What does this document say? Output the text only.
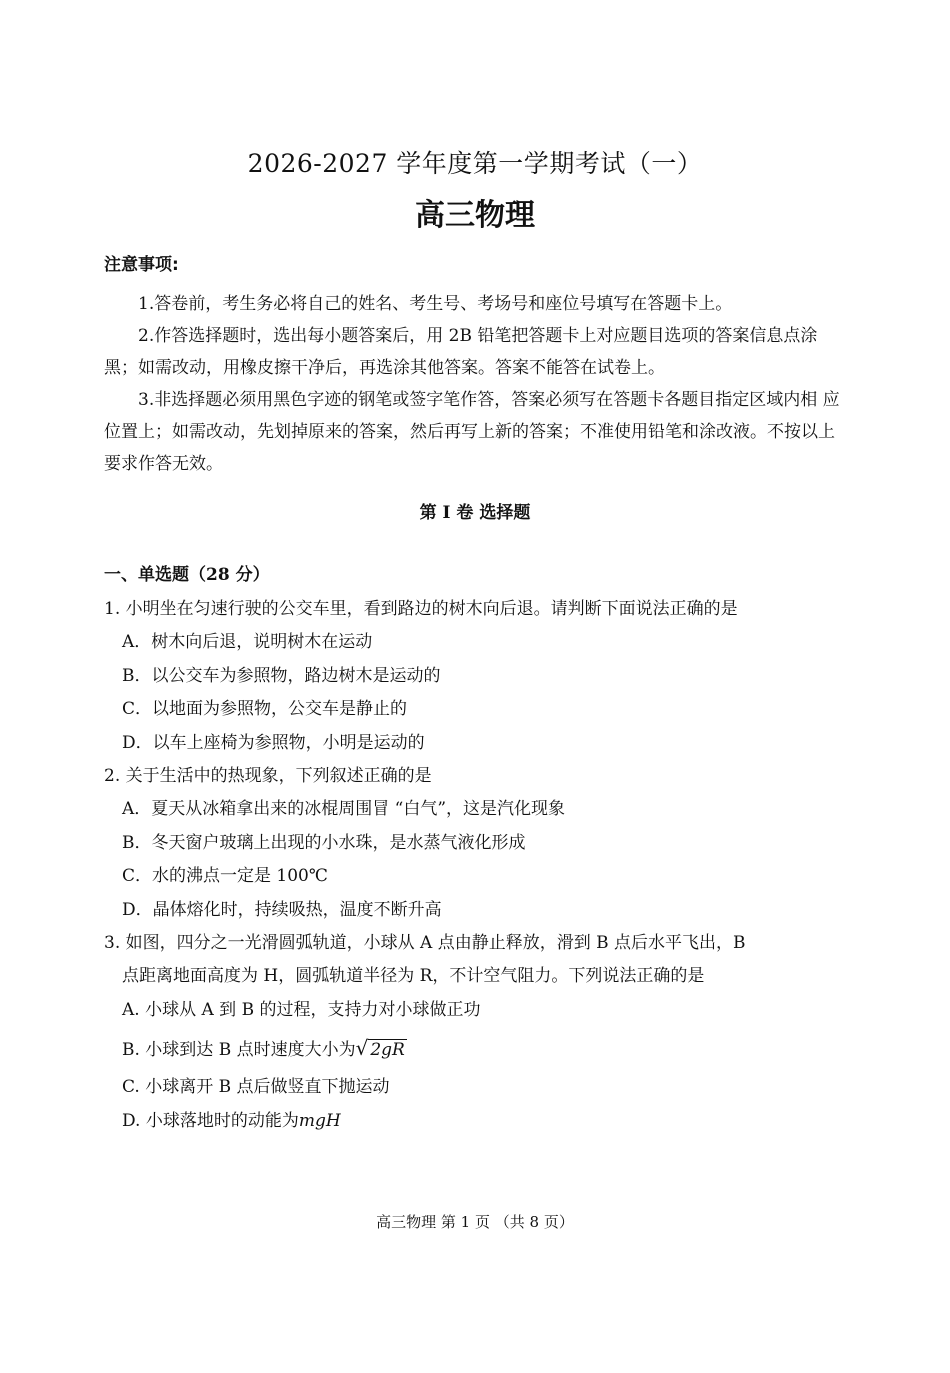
2026-2027 学年度第一学期考试（一）
高三物理
注意事项:

1.答卷前，考生务必将自己的姓名、考生号、考场号和座位号填写在答题卡上。

2.作答选择题时，选出每小题答案后，用 2B 铅笔把答题卡上对应题目选项的答案信息点涂黑；如需改动，用橡皮擦干净后，再选涂其他答案。答案不能答在试卷上。

3.非选择题必须用黑色字迹的钢笔或签字笔作答，答案必须写在答题卡各题目指定区域内相 应位置上；如需改动，先划掉原来的答案，然后再写上新的答案；不准使用铅笔和涂改液。不按以上要求作答无效。

第 I 卷 选择题
一、单选题（28 分）

1. 小明坐在匀速行驶的公交车里，看到路边的树木向后退。请判断下面说法正确的是

A．树木向后退，说明树木在运动

B．以公交车为参照物，路边树木是运动的

C．以地面为参照物，公交车是静止的

D．以车上座椅为参照物，小明是运动的

2. 关于生活中的热现象，下列叙述正确的是

A．夏天从冰箱拿出来的冰棍周围冒 “白气”，这是汽化现象

B．冬天窗户玻璃上出现的小水珠，是水蒸气液化形成

C．水的沸点一定是 100℃

D．晶体熔化时，持续吸热，温度不断升高

3. 如图，四分之一光滑圆弧轨道，小球从 A 点由静止释放，滑到 B 点后水平飞出，B

点距离地面高度为 H，圆弧轨道半径为 R，不计空气阻力。下列说法正确的是

A. 小球从 A 到 B 的过程，支持力对小球做正功

B. 小球到达 B 点时速度大小为√ 2gR

C. 小球离开 B 点后做竖直下抛运动

D. 小球落地时的动能为mgH

高三物理 第 1 页 （共 8 页）
